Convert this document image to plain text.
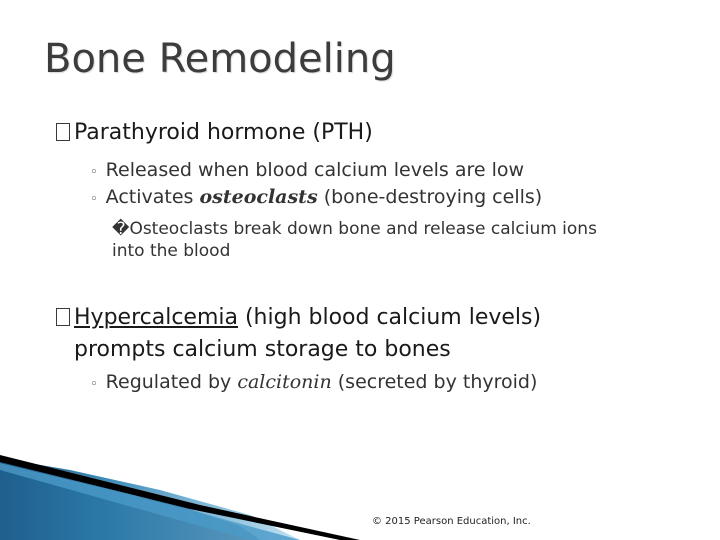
Bone Remodeling
Parathyroid hormone (PTH)
◦ Released when blood calcium levels are low
◦ Activates osteoclasts (bone-destroying cells)
�Osteoclasts break down bone and release calcium ions
into the blood
Hypercalcemia (high blood calcium levels)
prompts calcium storage to bones
◦ Regulated by calcitonin (secreted by thyroid)
© 2015 Pearson Education, Inc.
